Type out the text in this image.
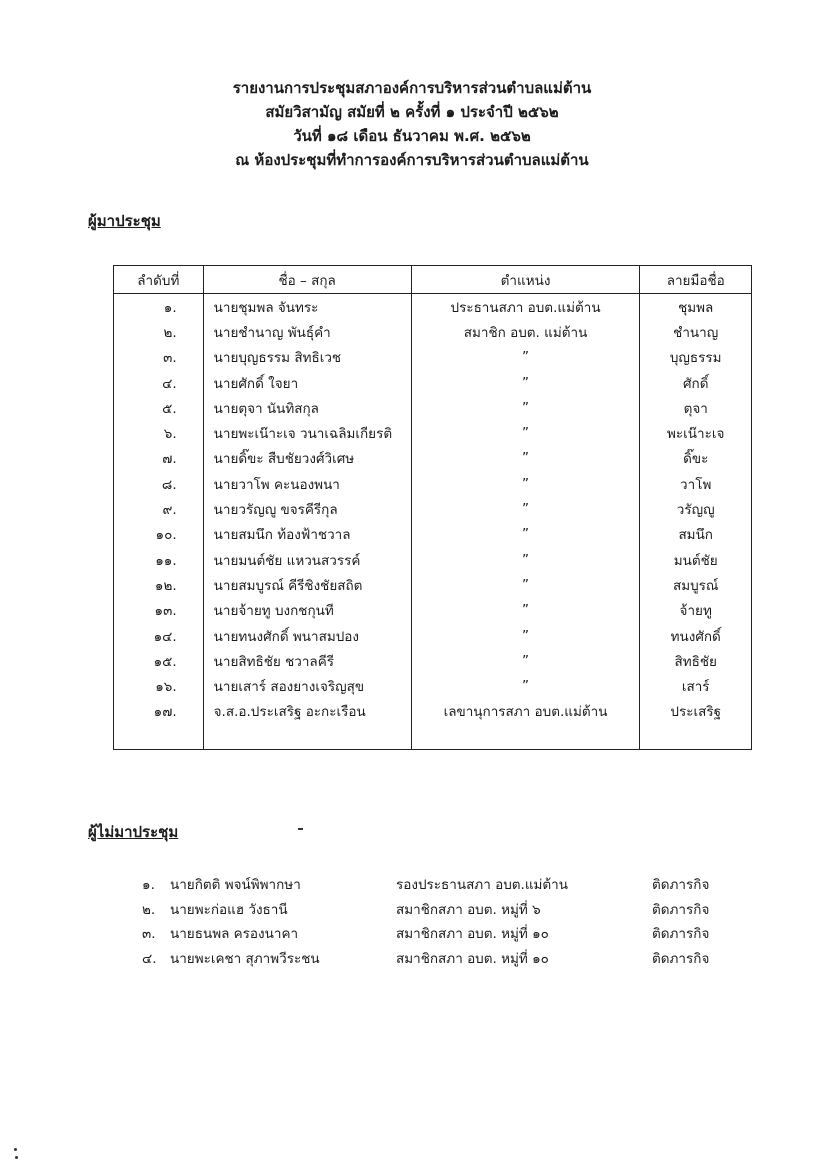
รายงานการประชุมสภาองค์การบริหารส่วนตำบลแม่ต้าน
สมัยวิสามัญ สมัยที่ ๒ ครั้งที่ ๑ ประจำปี ๒๕๖๒
วันที่ ๑๘ เดือน ธันวาคม พ.ศ. ๒๕๖๒
ณ ห้องประชุมที่ทำการองค์การบริหารส่วนตำบลแม่ต้าน
ผู้มาประชุม
ลำดับที่	ชื่อ – สกุล	ตำแหน่ง	ลายมือชื่อ
๑.	นายชุมพล จันทระ	ประธานสภา อบต.แม่ต้าน	ชุมพล
๒.	นายชำนาญ พันธุ์คำ	สมาชิก อบต. แม่ต้าน	ชำนาญ
๓.	นายบุญธรรม สิทธิเวช	”	บุญธรรม
๔.	นายศักดิ์ ใจยา	”	ศักดิ์
๕.	นายตุจา นันทิสกุล	”	ตุจา
๖.	นายพะเน๊าะเจ วนาเฉลิมเกียรติ	”	พะเน๊าะเจ
๗.	นายดิ๊ขะ สืบชัยวงศ์วิเศษ	”	ดิ๊ขะ
๘.	นายวาโพ คะนองพนา	”	วาโพ
๙.	นายวรัญญู ขจรคีรีกุล	”	วรัญญู
๑๐.	นายสมนึก ท้องฟ้าชวาล	”	สมนึก
๑๑.	นายมนต์ชัย แหวนสวรรค์	”	มนต์ชัย
๑๒.	นายสมบูรณ์ คีรีชิงชัยสถิต	”	สมบูรณ์
๑๓.	นายจ้ายทู บงกชกุนที	”	จ้ายทู
๑๔.	นายทนงศักดิ์ พนาสมปอง	”	ทนงศักดิ์
๑๕.	นายสิทธิชัย ชวาลคีรี	”	สิทธิชัย
๑๖.	นายเสาร์ สองยางเจริญสุข	”	เสาร์
๑๗.	จ.ส.อ.ประเสริฐ อะกะเรือน	เลขานุการสภา อบต.แม่ต้าน	ประเสริฐ

ผู้ไม่มาประชุม
๑.	นายกิตติ พจน์พิพากษา	รองประธานสภา อบต.แม่ต้าน	ติดภารกิจ
๒.	นายพะก่อแฮ วังธานี	สมาชิกสภา อบต. หมู่ที่ ๖	ติดภารกิจ
๓.	นายธนพล ครองนาคา	สมาชิกสภา อบต. หมู่ที่ ๑๐	ติดภารกิจ
๔. นายพะเคชา สุภาพวีระชน	สมาชิกสภา อบต. หมู่ที่ ๑๐	ติดภารกิจ
